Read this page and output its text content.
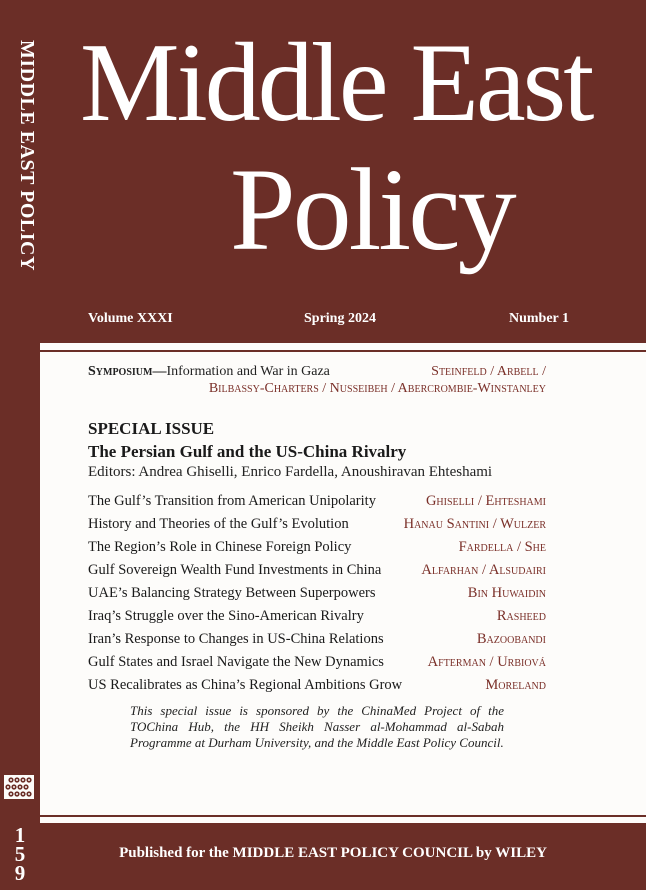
MIDDLE EAST POLICY
1
5
9
Middle East
Policy
Volume XXXI	Spring 2024	Number 1
Symposium—Information and War in Gaza	Steinfeld / Arbell /
Bilbassy-Charters / Nusseibeh / Abercrombie-Winstanley
SPECIAL ISSUE
The Persian Gulf and the US-China Rivalry
Editors: Andrea Ghiselli, Enrico Fardella, Anoushiravan Ehteshami
The Gulf’s Transition from American Unipolarity	Ghiselli / Ehteshami
History and Theories of the Gulf’s Evolution	Hanau Santini / Wulzer
The Region’s Role in Chinese Foreign Policy	Fardella / She
Gulf Sovereign Wealth Fund Investments in China	Alfarhan / Alsudairi
UAE’s Balancing Strategy Between Superpowers	Bin Huwaidin
Iraq’s Struggle over the Sino-American Rivalry	Rasheed
Iran’s Response to Changes in US-China Relations	Bazoobandi
Gulf States and Israel Navigate the New Dynamics	Afterman / Urbiová
US Recalibrates as China’s Regional Ambitions Grow	Moreland
This special issue is sponsored by the ChinaMed Project of the TOChina Hub, the HH Sheikh Nasser al-Mohammad al-Sabah Programme at Durham University, and the Middle East Policy Council.
Published for the MIDDLE EAST POLICY COUNCIL by WILEY
